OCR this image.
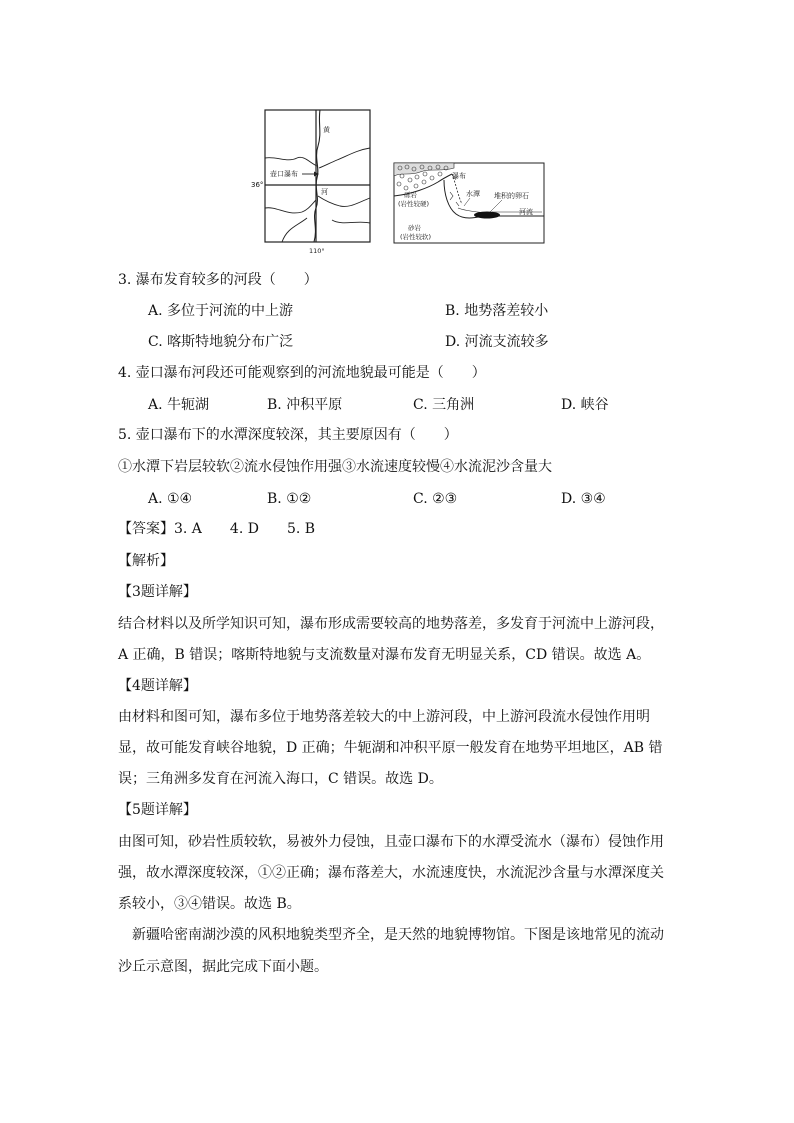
黄
河
壶口瀑布
110°
36°
瀑布
水潭 堆积的卵石
河流
砾岩
(岩性较硬)
砂岩
(岩性较软)
3. 瀑布发育较多的河段（　　）
A. 多位于河流的中上游	B. 地势落差较小
C. 喀斯特地貌分布广泛	D. 河流支流较多
4. 壶口瀑布河段还可能观察到的河流地貌最可能是（　　）
A. 牛轭湖	B. 冲积平原	C. 三角洲	D. 峡谷
5. 壶口瀑布下的水潭深度较深，其主要原因有（　　）
①水潭下岩层较软②流水侵蚀作用强③水流速度较慢④水流泥沙含量大
A. ①④	B. ①②	C. ②③	D. ③④
【答案】3. A　　4. D　　5. B
【解析】
【3题详解】
结合材料以及所学知识可知，瀑布形成需要较高的地势落差，多发育于河流中上游河段，
A 正确，B 错误；喀斯特地貌与支流数量对瀑布发育无明显关系，CD 错误。故选 A。
【4题详解】
由材料和图可知，瀑布多位于地势落差较大的中上游河段，中上游河段流水侵蚀作用明
显，故可能发育峡谷地貌，D 正确；牛轭湖和冲积平原一般发育在地势平坦地区，AB 错
误；三角洲多发育在河流入海口，C 错误。故选 D。
【5题详解】
由图可知，砂岩性质较软，易被外力侵蚀，且壶口瀑布下的水潭受流水（瀑布）侵蚀作用
强，故水潭深度较深，①②正确；瀑布落差大，水流速度快，水流泥沙含量与水潭深度关
系较小，③④错误。故选 B。
　新疆哈密南湖沙漠的风积地貌类型齐全，是天然的地貌博物馆。下图是该地常见的流动
沙丘示意图，据此完成下面小题。
